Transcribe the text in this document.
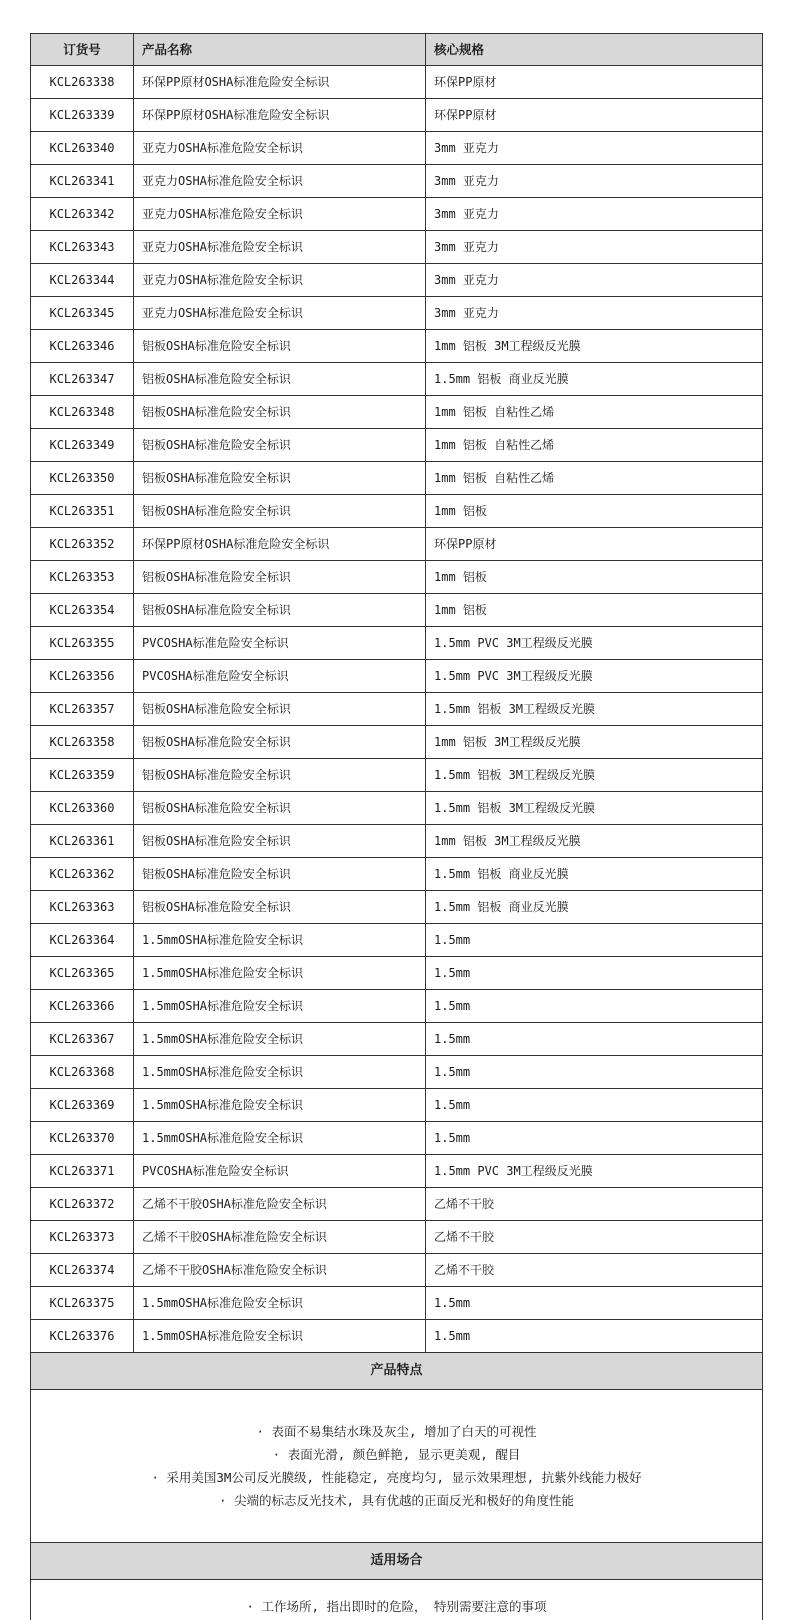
订货号	产品名称	核心规格
KCL263338	环保PP原材OSHA标准危险安全标识	环保PP原材
KCL263339	环保PP原材OSHA标准危险安全标识	环保PP原材
KCL263340	亚克力OSHA标准危险安全标识	3mm 亚克力
KCL263341	亚克力OSHA标准危险安全标识	3mm 亚克力
KCL263342	亚克力OSHA标准危险安全标识	3mm 亚克力
KCL263343	亚克力OSHA标准危险安全标识	3mm 亚克力
KCL263344	亚克力OSHA标准危险安全标识	3mm 亚克力
KCL263345	亚克力OSHA标准危险安全标识	3mm 亚克力
KCL263346	铝板OSHA标准危险安全标识	1mm 铝板 3M工程级反光膜
KCL263347	铝板OSHA标准危险安全标识	1.5mm 铝板 商业反光膜
KCL263348	铝板OSHA标准危险安全标识	1mm 铝板 自粘性乙烯
KCL263349	铝板OSHA标准危险安全标识	1mm 铝板 自粘性乙烯
KCL263350	铝板OSHA标准危险安全标识	1mm 铝板 自粘性乙烯
KCL263351	铝板OSHA标准危险安全标识	1mm 铝板
KCL263352	环保PP原材OSHA标准危险安全标识	环保PP原材
KCL263353	铝板OSHA标准危险安全标识	1mm 铝板
KCL263354	铝板OSHA标准危险安全标识	1mm 铝板
KCL263355	PVCOSHA标准危险安全标识	1.5mm PVC 3M工程级反光膜
KCL263356	PVCOSHA标准危险安全标识	1.5mm PVC 3M工程级反光膜
KCL263357	铝板OSHA标准危险安全标识	1.5mm 铝板 3M工程级反光膜
KCL263358	铝板OSHA标准危险安全标识	1mm 铝板 3M工程级反光膜
KCL263359	铝板OSHA标准危险安全标识	1.5mm 铝板 3M工程级反光膜
KCL263360	铝板OSHA标准危险安全标识	1.5mm 铝板 3M工程级反光膜
KCL263361	铝板OSHA标准危险安全标识	1mm 铝板 3M工程级反光膜
KCL263362	铝板OSHA标准危险安全标识	1.5mm 铝板 商业反光膜
KCL263363	铝板OSHA标准危险安全标识	1.5mm 铝板 商业反光膜
KCL263364	1.5mmOSHA标准危险安全标识	1.5mm
KCL263365	1.5mmOSHA标准危险安全标识	1.5mm
KCL263366	1.5mmOSHA标准危险安全标识	1.5mm
KCL263367	1.5mmOSHA标准危险安全标识	1.5mm
KCL263368	1.5mmOSHA标准危险安全标识	1.5mm
KCL263369	1.5mmOSHA标准危险安全标识	1.5mm
KCL263370	1.5mmOSHA标准危险安全标识	1.5mm
KCL263371	PVCOSHA标准危险安全标识	1.5mm PVC 3M工程级反光膜
KCL263372	乙烯不干胶OSHA标准危险安全标识	乙烯不干胶
KCL263373	乙烯不干胶OSHA标准危险安全标识	乙烯不干胶
KCL263374	乙烯不干胶OSHA标准危险安全标识	乙烯不干胶
KCL263375	1.5mmOSHA标准危险安全标识	1.5mm
KCL263376	1.5mmOSHA标准危险安全标识	1.5mm
产品特点		

· 表面不易集结水珠及灰尘, 增加了白天的可视性
· 表面光滑, 颜色鲜艳, 显示更美观, 醒目
· 采用美国3M公司反光膜级, 性能稳定, 亮度均匀, 显示效果理想, 抗紫外线能力极好
· 尖端的标志反光技术, 具有优越的正面反光和极好的角度性能		

适用场合		

· 工作场所, 指出即时的危险， 特别需要注意的事项		
